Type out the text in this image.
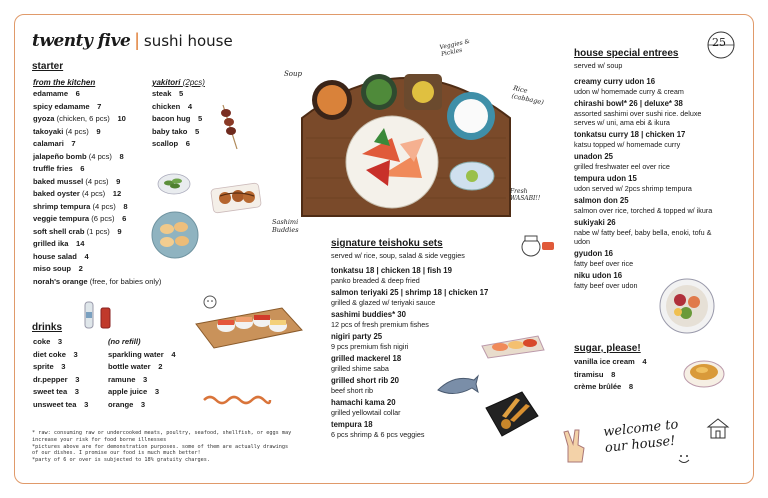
twenty five | sushi house	25
starter
from the kitchen
edamame  6
spicy edamame  7
gyoza (chicken, 6 pcs)  10
takoyaki (4 pcs)  9
calamari  7
jalapeño bomb (4 pcs)  8
truffle fries  6
baked mussel (4 pcs)  9
baked oyster (4 pcs)  12
shrimp tempura (4 pcs)  8
veggie tempura (6 pcs)  6
soft shell crab (1 pcs)  9
grilled ika  14
house salad  4
miso soup  2
norah's orange (free, for babies only)
yakitori (2pcs)
steak  5
chicken  4
bacon hug  5
baby tako  5
scallop  6
drinks
coke  3
diet coke  3
sprite  3
dr.pepper  3
sweet tea  3
unsweet tea  3
(no refill)
sparkling water  4
bottle water  2
ramune  3
apple juice  3
orange  3
* raw: consuming raw or undercooked meats, poultry, seafood, shellfish, or eggs may
increase your risk for food borne illnesses
*pictures above are for demonstration purposes. some of them are actually drawings
of our dishes. I promise our food is much much better!
*party of 6 or over is subjected to 18% gratuity charges.
Soup
Veggies & Pickles
Rice (cabbage)
Fresh WASABI!!
Sashimi Buddies
signature teishoku sets
served w/ rice, soup, salad & side veggies
tonkatsu 18 | chicken 18 | fish 19
panko breaded & deep fried
salmon teriyaki 25 | shrimp 18 | chicken 17
grilled & glazed w/ teriyaki sauce
sashimi buddies* 30
12 pcs of fresh premium fishes
nigiri party 25
9 pcs premium fish nigiri
grilled mackerel 18
grilled shime saba
grilled short rib 20
beef short rib
hamachi kama 20
grilled yellowtail collar
tempura 18
6 pcs shrimp & 6 pcs veggies
house special entrees
served w/ soup
creamy curry udon 16
udon w/ homemade curry & cream
chirashi bowl* 26 | deluxe* 38
assorted sashimi over sushi rice. deluxe
serves w/ uni, ama ebi & ikura
tonkatsu curry 18 | chicken 17
katsu topped w/ homemade curry
unadon 25
grilled freshwater eel over rice
tempura udon 15
udon served w/ 2pcs shrimp tempura
salmon don 25
salmon over rice, torched & topped w/ ikura
sukiyaki 26
nabe w/ fatty beef, baby bella, enoki, tofu &
udon
gyudon 16
fatty beef over rice
niku udon 16
fatty beef over udon
sugar, please!
vanilla ice cream  4
tiramisu  8
crème brûlée  8
welcome to our house!
